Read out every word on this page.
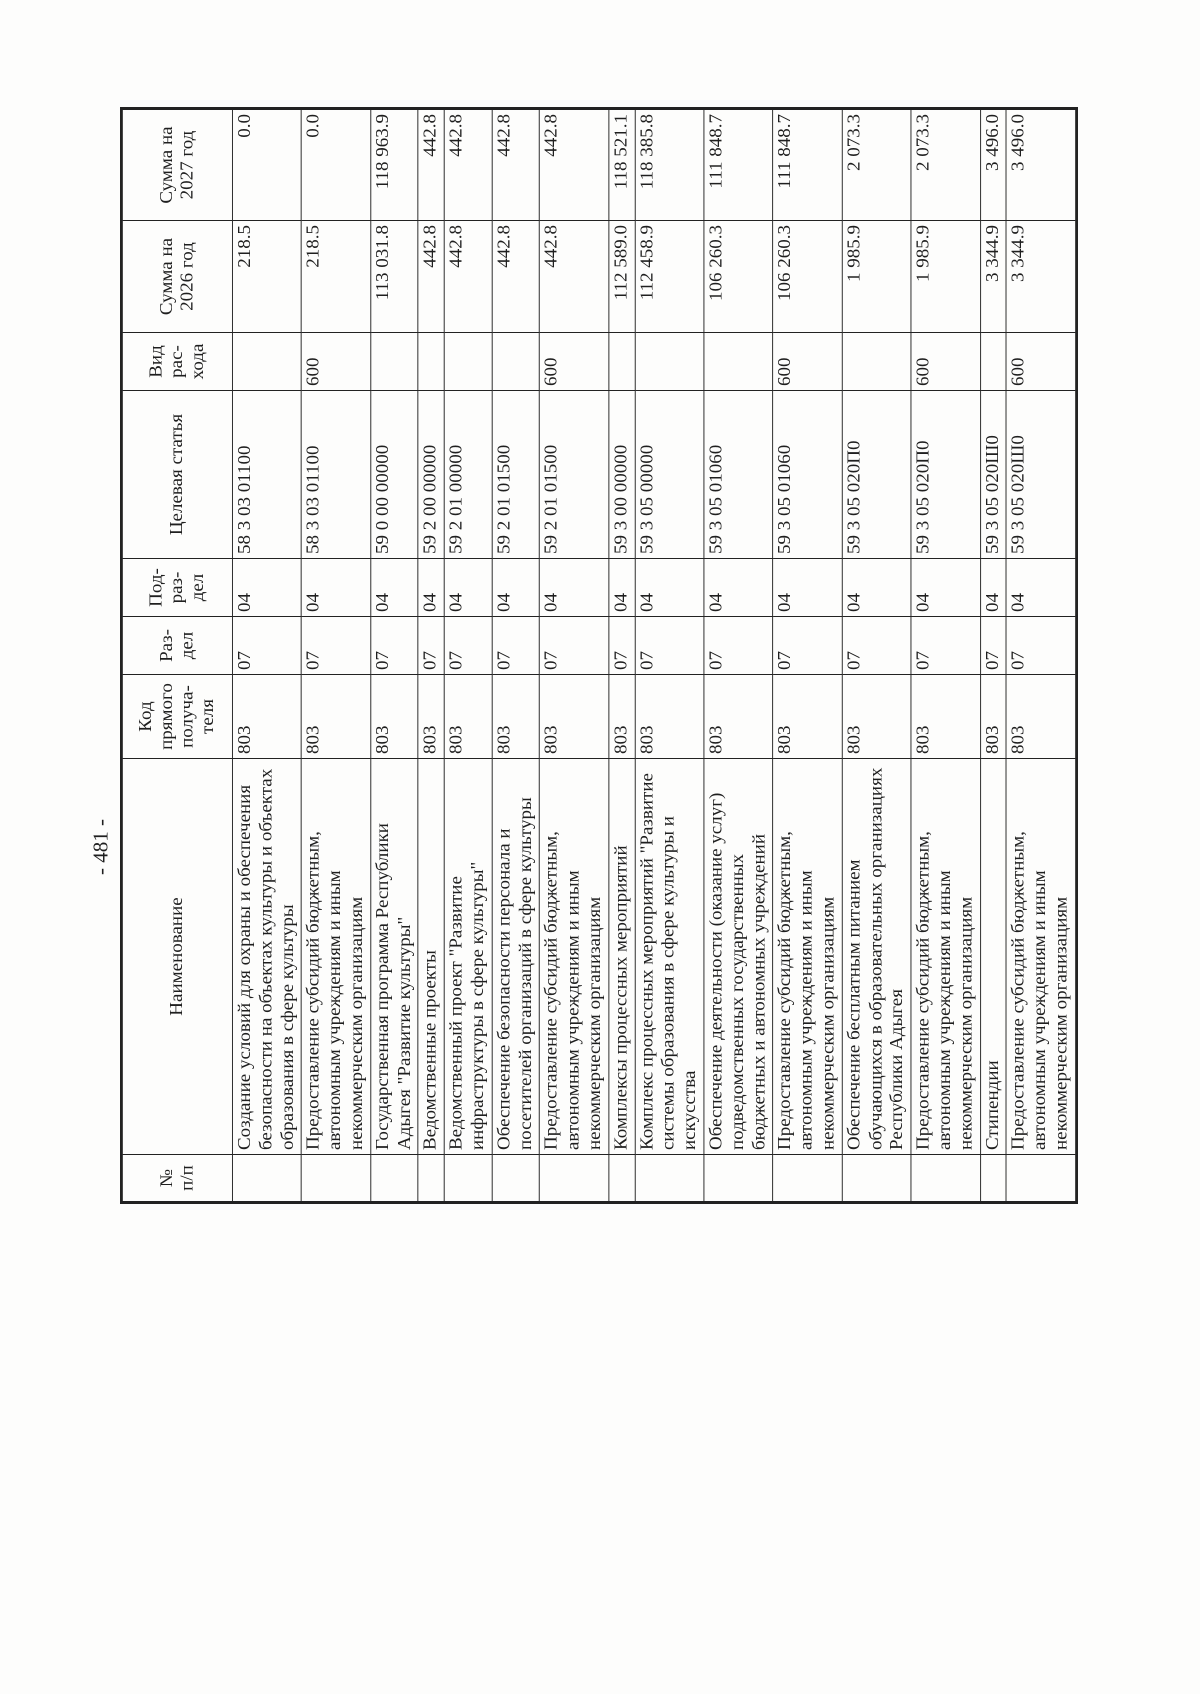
- 481 -
№ п/п	Наименование	Код прямого получа-теля	Раз-дел	Под-раз-дел	Целевая статья	Вид рас-хода	Сумма на 2026 год	Сумма на 2027 год
	Создание условий для охраны и обеспечения безопасности на объектах культуры и объектах образования в сфере культуры	803	07	04	58 3 03 01100		218.5	0.0
	Предоставление субсидий бюджетным, автономным учреждениям и иным некоммерческим организациям	803	07	04	58 3 03 01100	600	218.5	0.0
	Государственная программа Республики Адыгея "Развитие культуры"	803	07	04	59 0 00 00000		113 031.8	118 963.9
	Ведомственные проекты	803	07	04	59 2 00 00000		442.8	442.8
	Ведомственный проект "Развитие инфраструктуры в сфере культуры"	803	07	04	59 2 01 00000		442.8	442.8
	Обеспечение безопасности персонала и посетителей организаций в сфере культуры	803	07	04	59 2 01 01500		442.8	442.8
	Предоставление субсидий бюджетным, автономным учреждениям и иным некоммерческим организациям	803	07	04	59 2 01 01500	600	442.8	442.8
	Комплексы процессных мероприятий	803	07	04	59 3 00 00000		112 589.0	118 521.1
	Комплекс процессных мероприятий "Развитие системы образования в сфере культуры и искусства	803	07	04	59 3 05 00000		112 458.9	118 385.8
	Обеспечение деятельности (оказание услуг) подведомственных государственных бюджетных и автономных учреждений	803	07	04	59 3 05 01060		106 260.3	111 848.7
	Предоставление субсидий бюджетным, автономным учреждениям и иным некоммерческим организациям	803	07	04	59 3 05 01060	600	106 260.3	111 848.7
	Обеспечение бесплатным питанием обучающихся в образовательных организациях Республики Адыгея	803	07	04	59 3 05 020П0		1 985.9	2 073.3
	Предоставление субсидий бюджетным, автономным учреждениям и иным некоммерческим организациям	803	07	04	59 3 05 020П0	600	1 985.9	2 073.3
	Стипендии	803	07	04	59 3 05 020Ш0		3 344.9	3 496.0
	Предоставление субсидий бюджетным, автономным учреждениям и иным некоммерческим организациям	803	07	04	59 3 05 020Ш0	600	3 344.9	3 496.0
